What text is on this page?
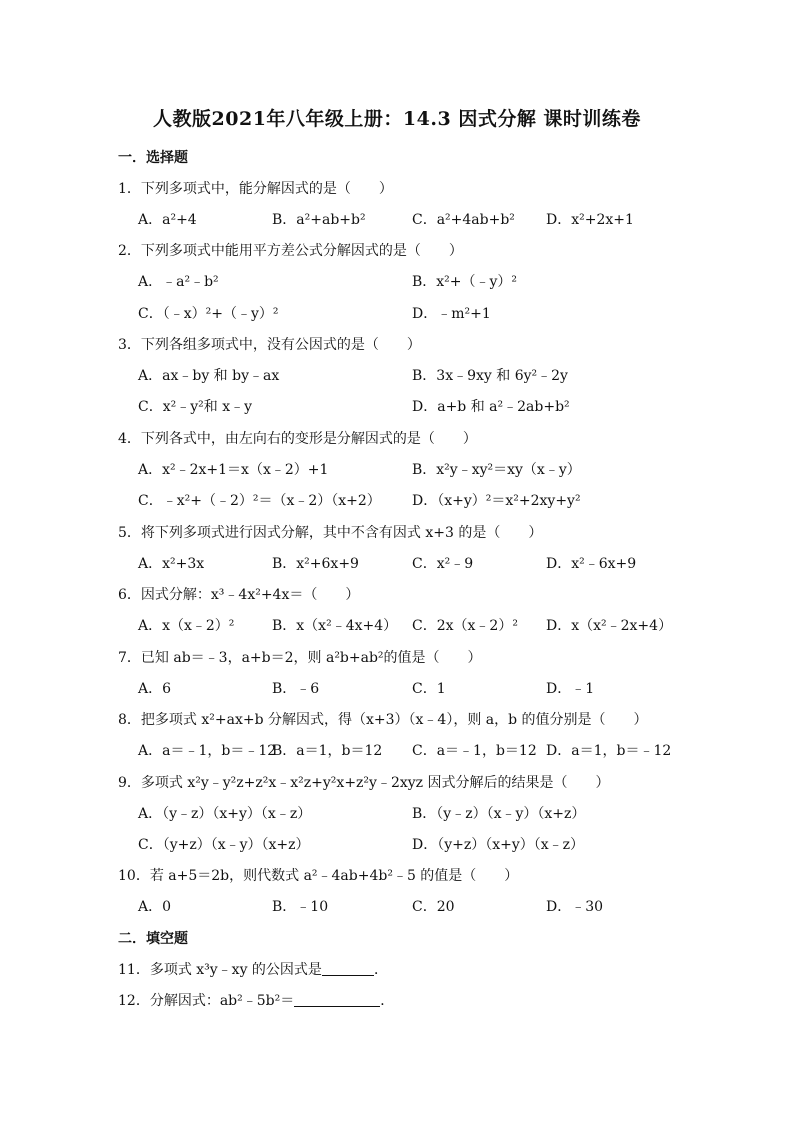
人教版2021年八年级上册：14.3 因式分解 课时训练卷
一．选择题
1．下列多项式中，能分解因式的是（　　）
A．a²+4	B．a²+ab+b²	C．a²+4ab+b² D．x²+2x+1
2．下列多项式中能用平方差公式分解因式的是（　　）
A．﹣a²﹣b²	B．x²+（﹣y）²
C．（﹣x）²+（﹣y）²	D．﹣m²+1
3．下列各组多项式中，没有公因式的是（　　）
A．ax﹣by 和 by﹣ax	B．3x﹣9xy 和 6y²﹣2y
C．x²﹣y²和 x﹣y	D．a+b 和 a²﹣2ab+b²
4．下列各式中，由左向右的变形是分解因式的是（　　）
A．x²﹣2x+1＝x（x﹣2）+1	B．x²y﹣xy²＝xy（x﹣y）
C．﹣x²+（﹣2）²＝（x﹣2）（x+2） D．（x+y）²＝x²+2xy+y²
5．将下列多项式进行因式分解，其中不含有因式 x+3 的是（　　）
A．x²+3x	B．x²+6x+9	C．x²﹣9	D．x²﹣6x+9
6．因式分解：x³﹣4x²+4x＝（　　）
A．x（x﹣2）²	B．x（x²﹣4x+4） C．2x（x﹣2）² D．x（x²﹣2x+4）
7．已知 ab＝﹣3，a+b＝2，则 a²b+ab²的值是（　　）
A．6	B．﹣6	C．1	D．﹣1
8．把多项式 x²+ax+b 分解因式，得（x+3）（x﹣4），则 a，b 的值分别是（　　）
A．a＝﹣1，b＝﹣12
B．a＝1，b＝12 C．a＝﹣1，b＝12 D．a＝1，b＝﹣12
9．多项式 x²y﹣y²z+z²x﹣x²z+y²x+z²y﹣2xyz 因式分解后的结果是（　　）
A．（y﹣z）（x+y）（x﹣z）	B．（y﹣z）（x﹣y）（x+z）
C．（y+z）（x﹣y）（x+z）	D．（y+z）（x+y）（x﹣z）
10．若 a+5＝2b，则代数式 a²﹣4ab+4b²﹣5 的值是（　　）
A．0	B．﹣10	C．20	D．﹣30
二．填空题
11．多项式 x³y﹣xy 的公因式是	．
12．分解因式：ab²﹣5b²＝	．
